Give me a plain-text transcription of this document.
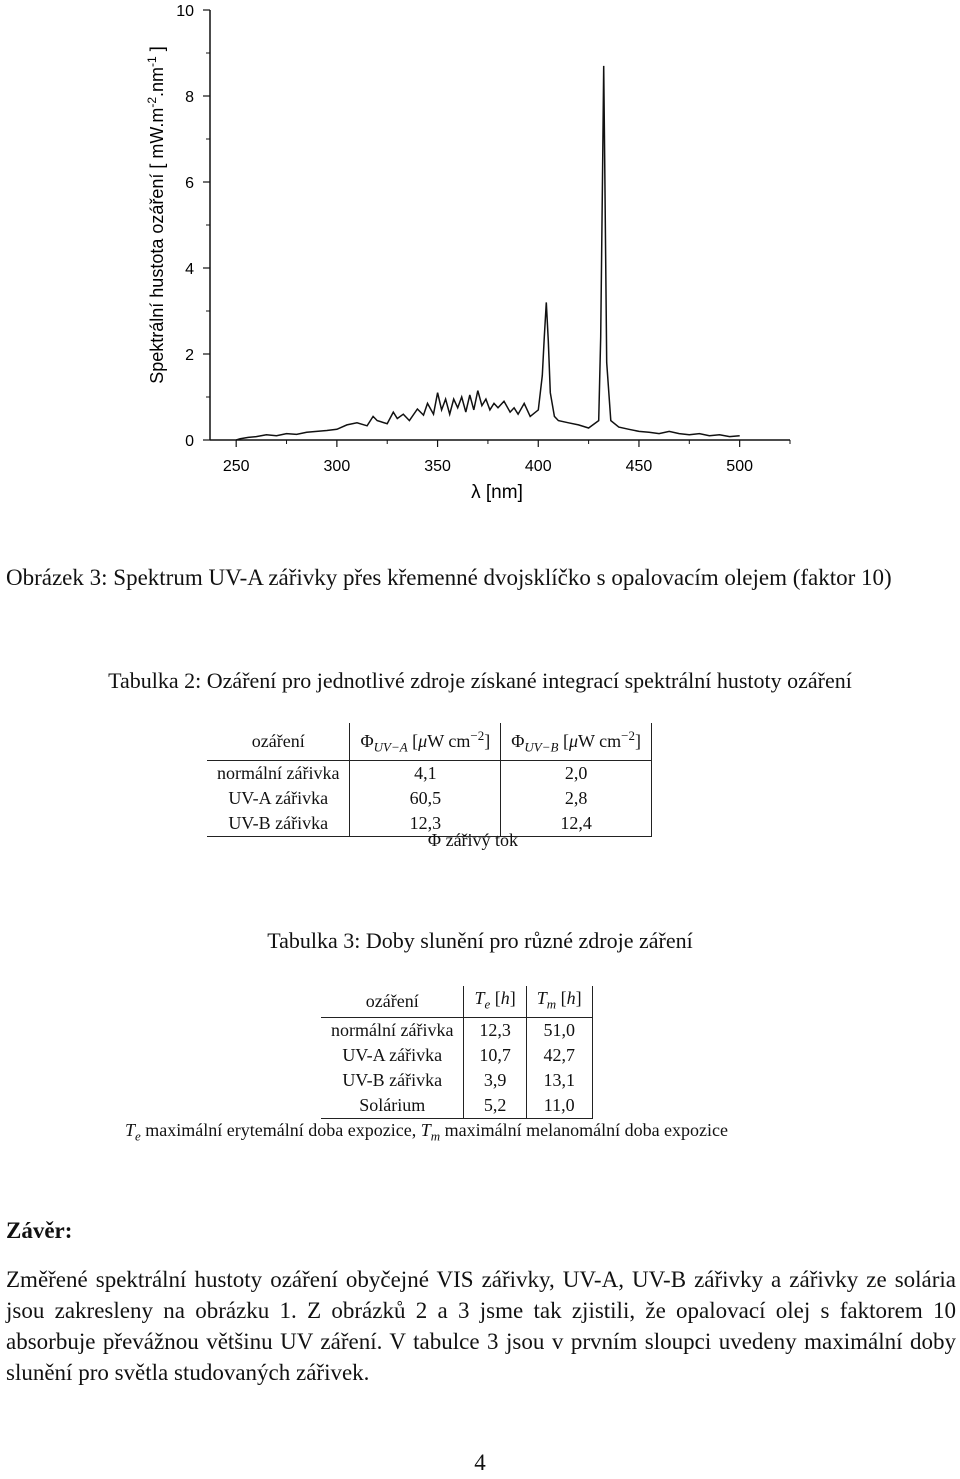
250	300	350	400	450	500
0
2
4
6
8
10
λ [nm]
Spektrální hustota ozáření [ $mW.m^{-2}.nm^{-1}$ ]
Obrázek 3: Spektrum UV-A zářivky přes křemenné dvojsklíčko s opalovacím olejem (faktor 10)
Tabulka 2: Ozáření pro jednotlivé zdroje získané integrací spektrální hustoty ozáření
ozáření	$\Phi_{UV-A}$ [μW $cm^{-2}$]	$\Phi_{UV-B}$ [μW $cm^{-2}$]
normální zářivka	4,1	2,0
UV-A zářivka	60,5	2,8
UV-B zářivka	12,3	12,4
Φ zářivý tok
Tabulka 3: Doby slunění pro různé zdroje záření
ozáření	$T_e$ [h]	$T_m$ [h]
normální zářivka	12,3	51,0
UV-A zářivka	10,7	42,7
UV-B zářivka	3,9	13,1
Solárium	5,2	11,0
$T_e$ maximální erytemální doba expozice, $T_m$ maximální melanomální doba expozice
Závěr:
Změřené spektrální hustoty ozáření obyčejné VIS zářivky, UV-A, UV-B zářivky a zářivky ze solária jsou zakresleny na obrázku 1. Z obrázků 2 a 3 jsme tak zjistili, že opalovací olej s faktorem 10 absorbuje převážnou většinu UV záření. V tabulce 3 jsou v prvním sloupci uvedeny maximální doby slunění pro světla studovaných zářivek.
4
